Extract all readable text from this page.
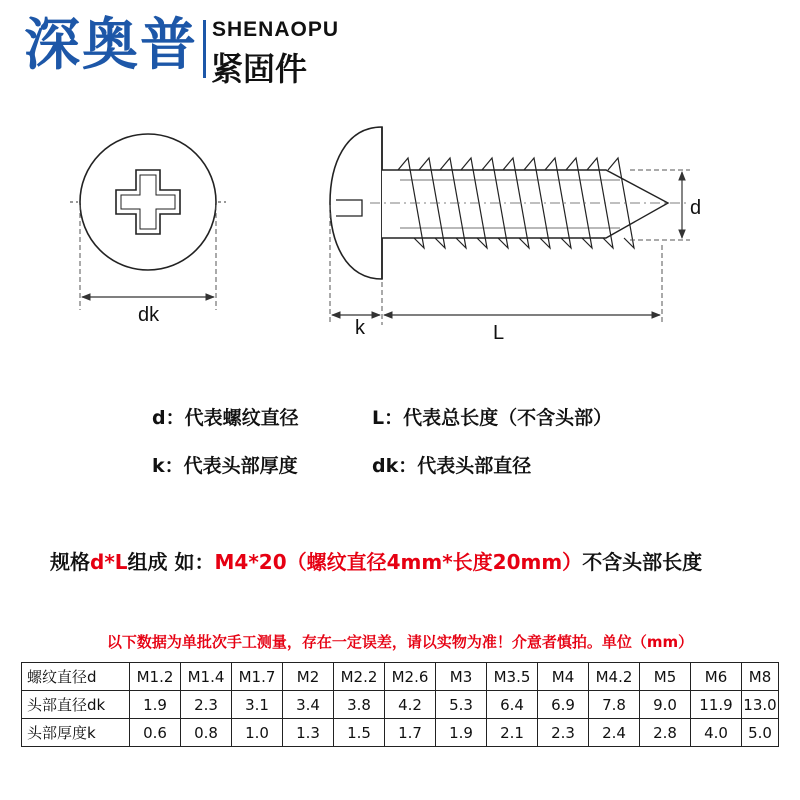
深奥普 SHENAOPU
紧固件
dk
k	L
d
d：代表螺纹直径	L：代表总长度（不含头部）
k：代表头部厚度	dk：代表头部直径
规格d*L组成 如：M4*20（螺纹直径4mm*长度20mm）不含头部长度
以下数据为单批次手工测量，存在一定误差，请以实物为准！介意者慎拍。单位（mm）
螺纹直径d	M1.2	M1.4	M1.7	M2	M2.2	M2.6	M3	M3.5	M4	M4.2	M5	M6	M8
头部直径dk	1.9	2.3	3.1	3.4	3.8	4.2	5.3	6.4	6.9	7.8	9.0	11.9	13.0
头部厚度k	0.6	0.8	1.0	1.3	1.5	1.7	1.9	2.1	2.3	2.4	2.8	4.0	5.0
